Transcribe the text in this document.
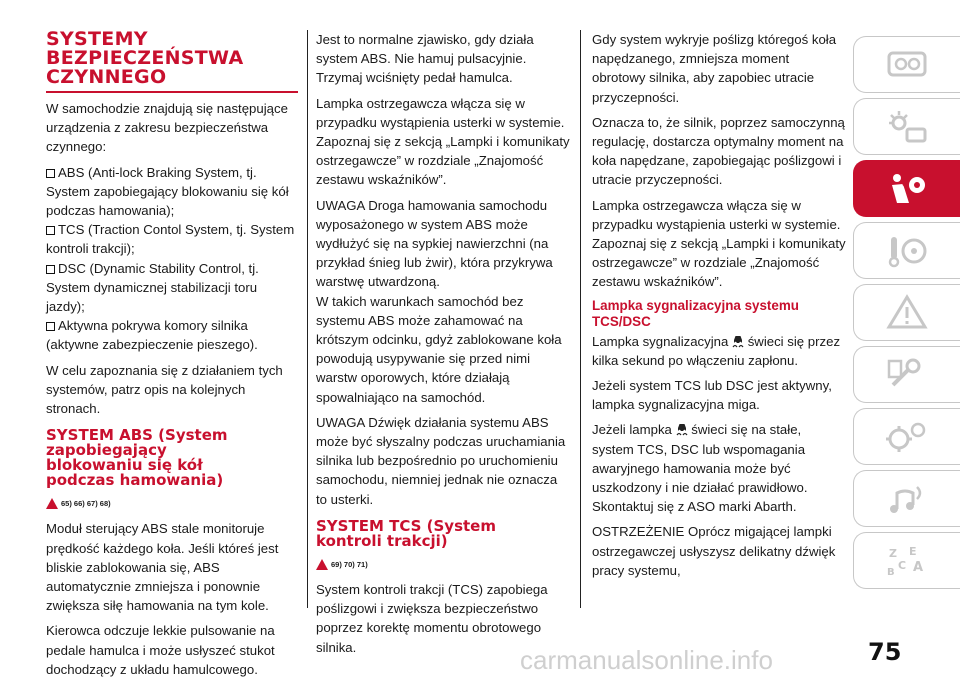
SYSTEMY
BEZPIECZEŃSTWA
CZYNNEGO

W samochodzie znajdują się następujące urządzenia z zakresu bezpieczeństwa czynnego:

ABS (Anti-lock Braking System, tj. System zapobiegający blokowaniu się kół podczas hamowania);
TCS (Traction Contol System, tj. System kontroli trakcji);
DSC (Dynamic Stability Control, tj. System dynamicznej stabilizacji toru jazdy);
Aktywna pokrywa komory silnika (aktywne zabezpieczenie pieszego).

W celu zapoznania się z działaniem tych systemów, patrz opis na kolejnych stronach.

SYSTEM ABS (System
zapobiegający
blokowaniu się kół
podczas hamowania)
65) 66) 67) 68)

Moduł sterujący ABS stale monitoruje prędkość każdego koła. Jeśli któreś jest bliskie zablokowania się, ABS automatycznie zmniejsza i ponownie zwiększa siłę hamowania na tym kole.

Kierowca odczuje lekkie pulsowanie na pedale hamulca i może usłyszeć stukot dochodzący z układu hamulcowego.

Jest to normalne zjawisko, gdy działa system ABS. Nie hamuj pulsacyjnie. Trzymaj wciśnięty pedał hamulca.

Lampka ostrzegawcza włącza się w przypadku wystąpienia usterki w systemie. Zapoznaj się z sekcją „Lampki i komunikaty ostrzegawcze” w rozdziale „Znajomość zestawu wskaźników”.

UWAGA Droga hamowania samochodu wyposażonego w system ABS może wydłużyć się na sypkiej nawierzchni (na przykład śnieg lub żwir), która przykrywa warstwę utwardzoną.

W takich warunkach samochód bez systemu ABS może zahamować na krótszym odcinku, gdyż zablokowane koła powodują usypywanie się przed nimi warstw oporowych, które działają spowalniająco na samochód.

UWAGA Dźwięk działania systemu ABS może być słyszalny podczas uruchamiania silnika lub bezpośrednio po uruchomieniu samochodu, niemniej jednak nie oznacza to usterki.

SYSTEM TCS (System
kontroli trakcji)
69) 70) 71)

System kontroli trakcji (TCS) zapobiega poślizgowi i zwiększa bezpieczeństwo poprzez korektę momentu obrotowego silnika.

Gdy system wykryje poślizg któregoś koła napędzanego, zmniejsza moment obrotowy silnika, aby zapobiec utracie przyczepności.

Oznacza to, że silnik, poprzez samoczynną regulację, dostarcza optymalny moment na koła napędzane, zapobiegając poślizgowi i utracie przyczepności.

Lampka ostrzegawcza włącza się w przypadku wystąpienia usterki w systemie. Zapoznaj się z sekcją „Lampki i komunikaty ostrzegawcze” w rozdziale „Znajomość zestawu wskaźników”.

Lampka sygnalizacyjna systemu TCS/DSC

Lampka sygnalizacyjna świeci się przez kilka sekund po włączeniu zapłonu.

Jeżeli system TCS lub DSC jest aktywny, lampka sygnalizacyjna miga.

Jeżeli lampka świeci się na stałe, system TCS, DSC lub wspomagania awaryjnego hamowania może być uszkodzony i nie działać prawidłowo. Skontaktuj się z ASO marki Abarth.

OSTRZEŻENIE Oprócz migającej lampki ostrzegawczej usłyszysz delikatny dźwięk pracy systemu,

Z E
C A
B
carmanualsonline.info	75
